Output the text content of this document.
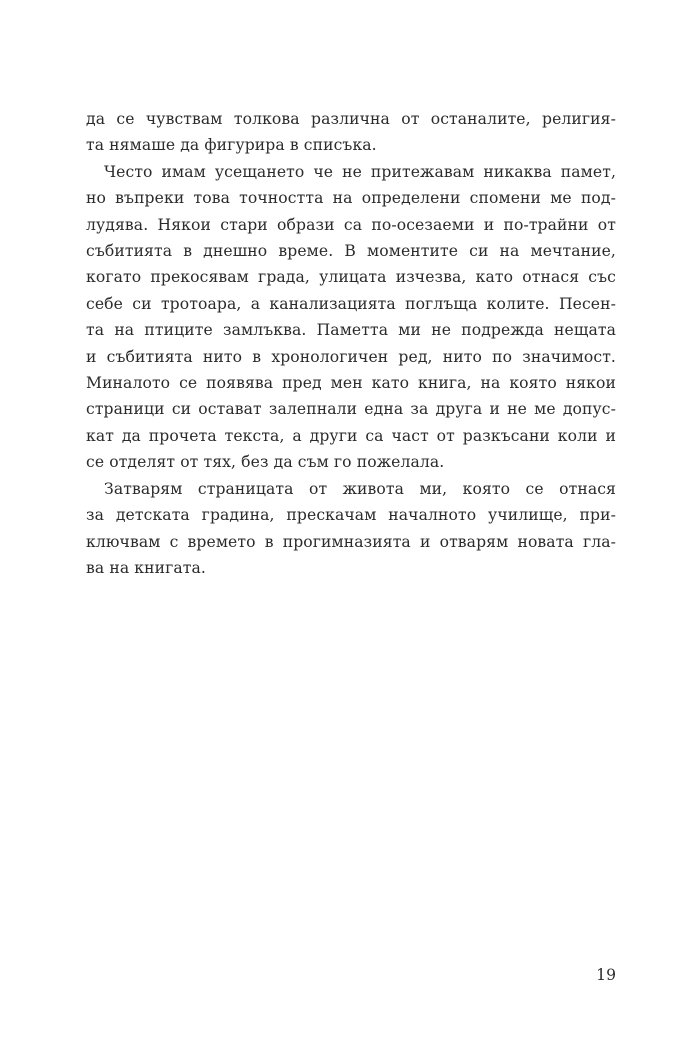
да се чувствам толкова различна от останалите, религия-
та нямаше да фигурира в списъка.
Често имам усещането че не притежавам никаква памет,
но въпреки това точността на определени спомени ме под-
лудява. Някои стари образи са по-осезаеми и по-трайни от
събитията в днешно време. В моментите си на мечтание,
когато прекосявам града, улицата изчезва, като отнася със
себе си тротоара, а канализацията поглъща колите. Песен-
та на птиците замлъква. Паметта ми не подрежда нещата
и събитията нито в хронологичен ред, нито по значимост.
Миналото се появява пред мен като книга, на която някои
страници си остават залепнали една за друга и не ме допус-
кат да прочета текста, а други са част от разкъсани коли и
се отделят от тях, без да съм го пожелала.
Затварям страницата от живота ми, която се отнася
за детската градина, прескачам началното училище, при-
ключвам с времето в прогимназията и отварям новата гла-
ва на книгата.
19
